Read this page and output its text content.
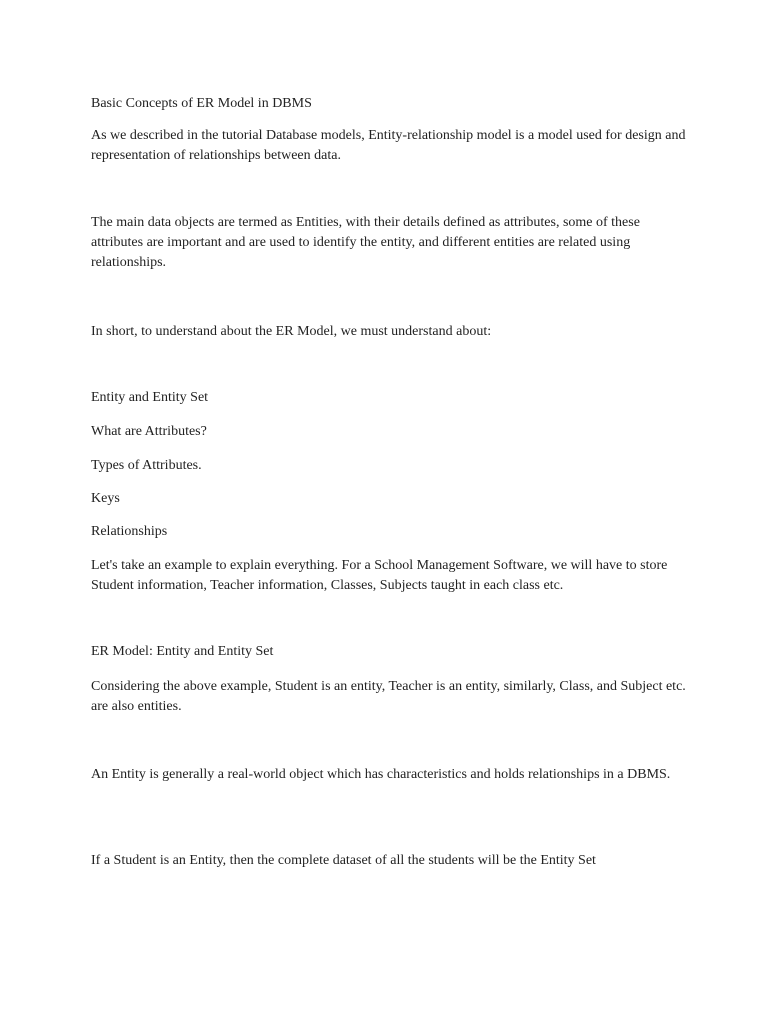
Basic Concepts of ER Model in DBMS

As we described in the tutorial Database models, Entity-relationship model is a model used for design and representation of relationships between data.

The main data objects are termed as Entities, with their details defined as attributes, some of these attributes are important and are used to identify the entity, and different entities are related using relationships.

In short, to understand about the ER Model, we must understand about:

Entity and Entity Set

What are Attributes?

Types of Attributes.

Keys

Relationships

Let's take an example to explain everything. For a School Management Software, we will have to store Student information, Teacher information, Classes, Subjects taught in each class etc.

ER Model: Entity and Entity Set

Considering the above example, Student is an entity, Teacher is an entity, similarly, Class, and Subject etc. are also entities.

An Entity is generally a real-world object which has characteristics and holds relationships in a DBMS.

If a Student is an Entity, then the complete dataset of all the students will be the Entity Set
